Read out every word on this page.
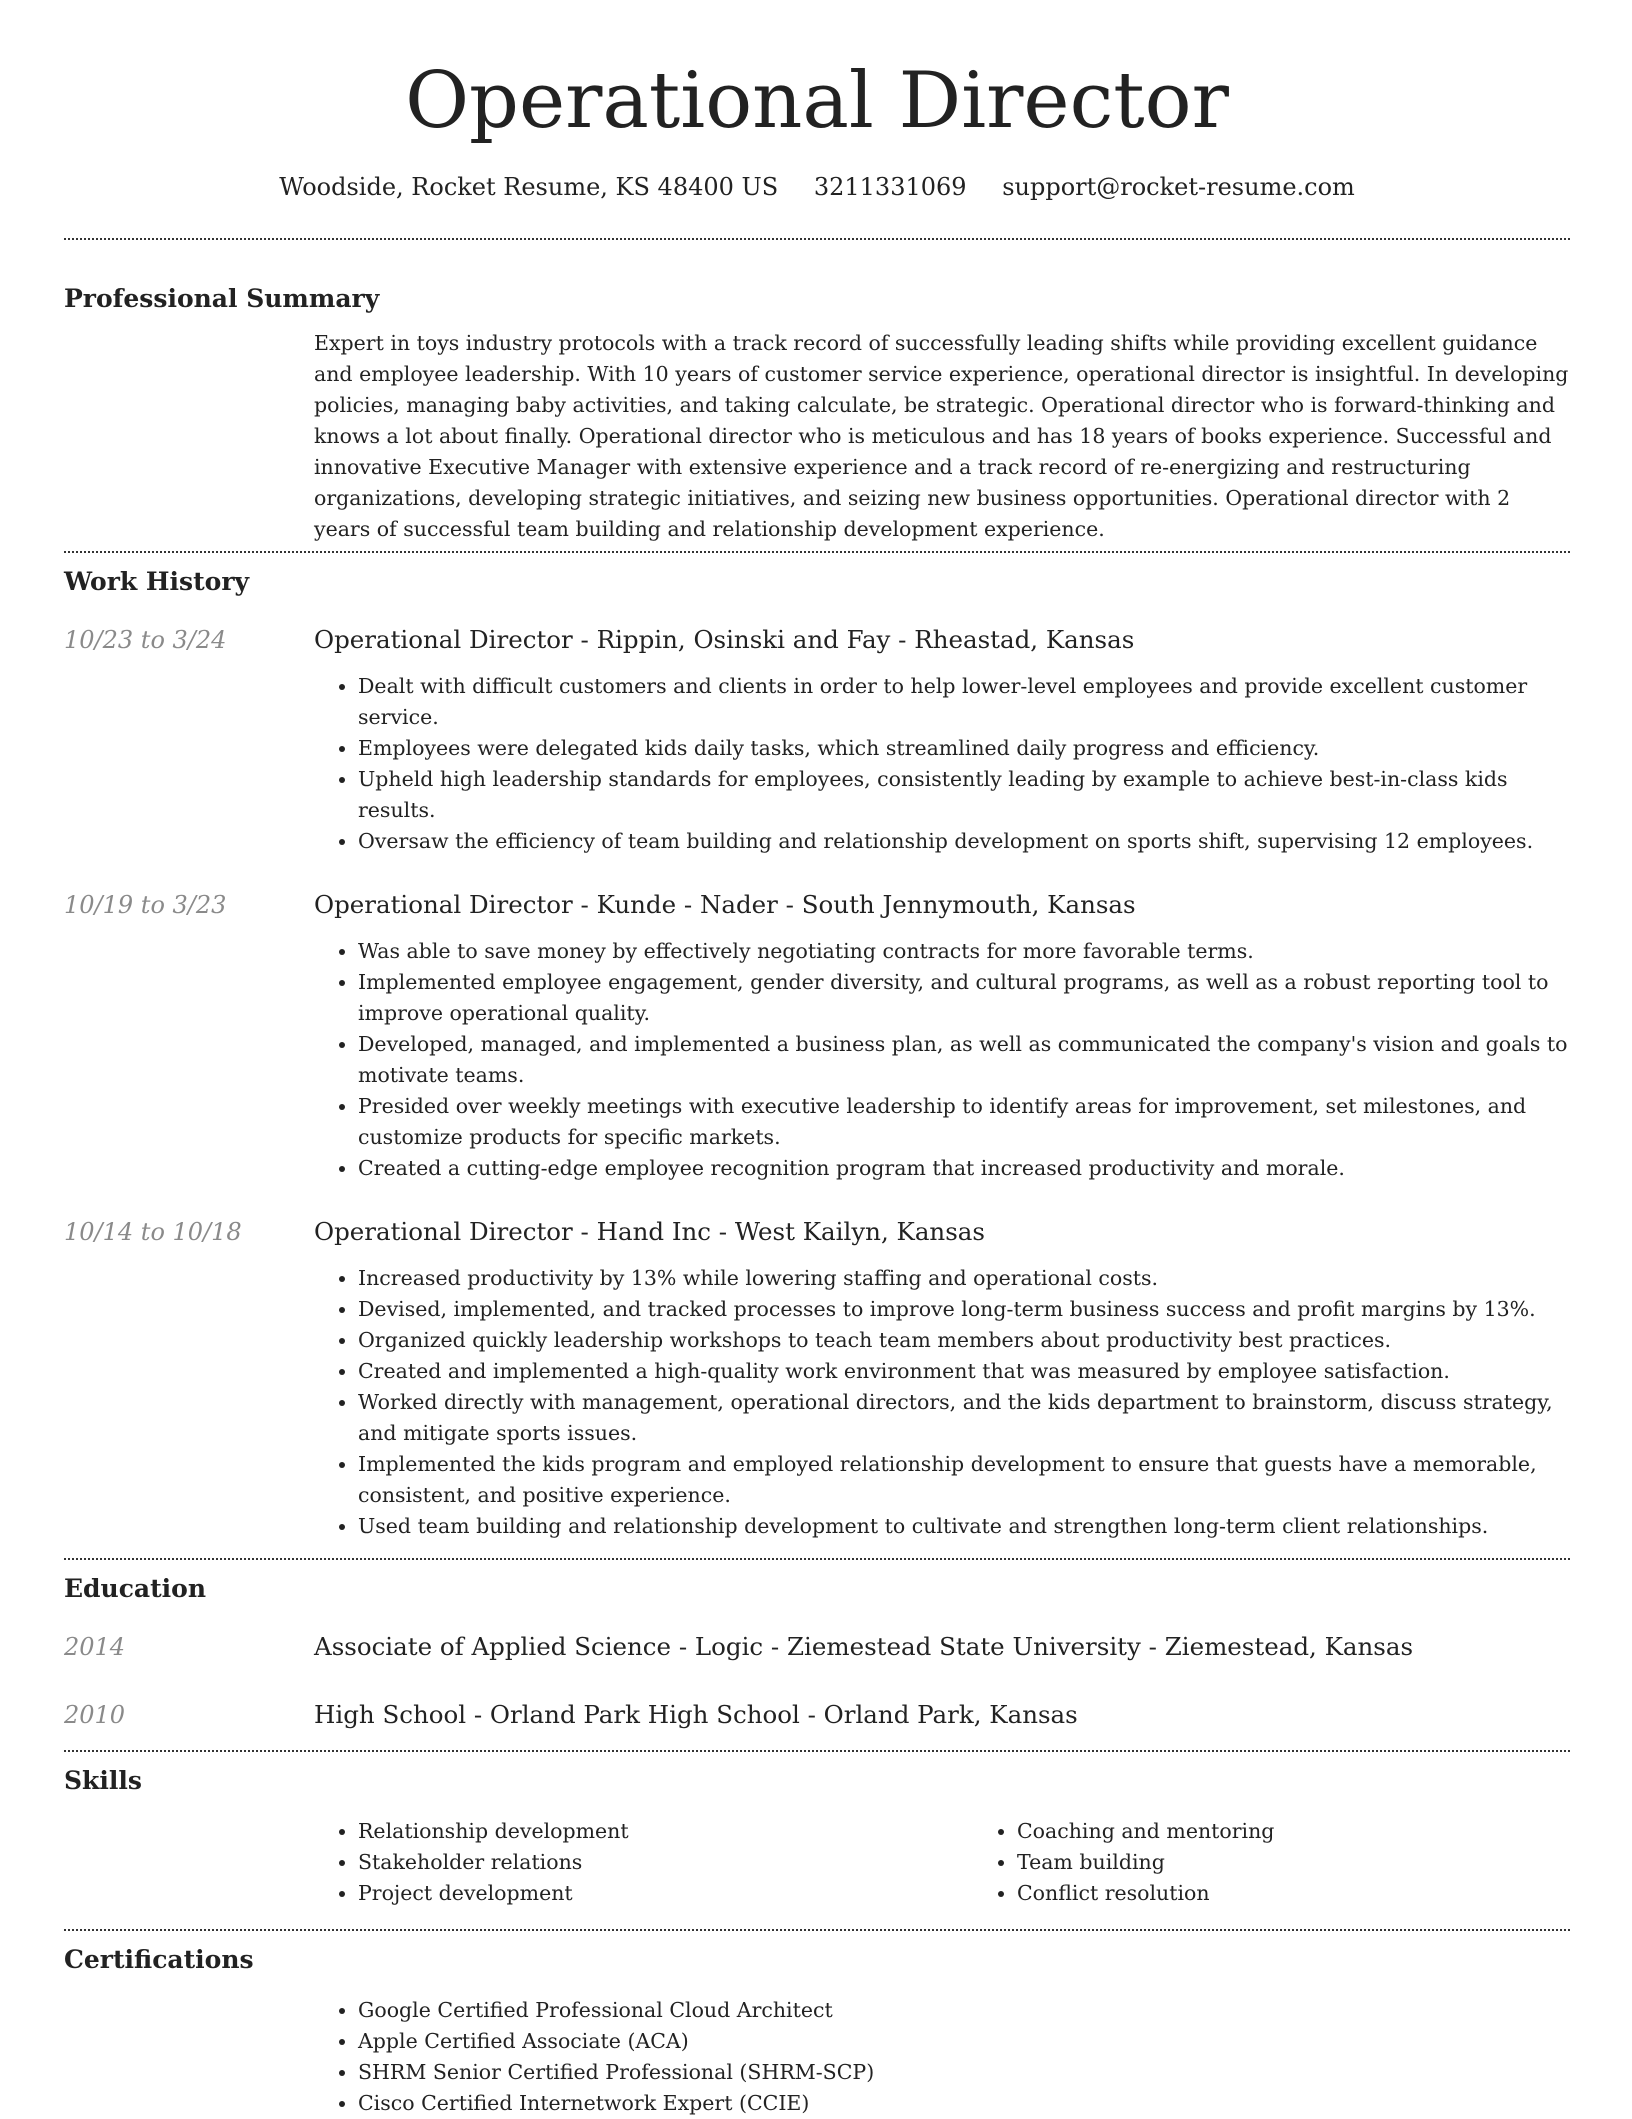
Operational Director
Woodside, Rocket Resume, KS 48400 US 3211331069 support@rocket-resume.com
Professional Summary
Expert in toys industry protocols with a track record of successfully leading shifts while providing excellent guidance and employee leadership. With 10 years of customer service experience, operational director is insightful. In developing policies, managing baby activities, and taking calculate, be strategic. Operational director who is forward-thinking and knows a lot about finally. Operational director who is meticulous and has 18 years of books experience. Successful and innovative Executive Manager with extensive experience and a track record of re-energizing and restructuring organizations, developing strategic initiatives, and seizing new business opportunities. Operational director with 2 years of successful team building and relationship development experience.
Work History
10/23 to 3/24	Operational Director - Rippin, Osinski and Fay - Rheastad, Kansas
• Dealt with difficult customers and clients in order to help lower-level employees and provide excellent customer service.
• Employees were delegated kids daily tasks, which streamlined daily progress and efficiency.
• Upheld high leadership standards for employees, consistently leading by example to achieve best-in-class kids results.
• Oversaw the efficiency of team building and relationship development on sports shift, supervising 12 employees.
10/19 to 3/23	Operational Director - Kunde - Nader - South Jennymouth, Kansas
• Was able to save money by effectively negotiating contracts for more favorable terms.
• Implemented employee engagement, gender diversity, and cultural programs, as well as a robust reporting tool to improve operational quality.
• Developed, managed, and implemented a business plan, as well as communicated the company's vision and goals to motivate teams.
• Presided over weekly meetings with executive leadership to identify areas for improvement, set milestones, and customize products for specific markets.
• Created a cutting-edge employee recognition program that increased productivity and morale.
10/14 to 10/18	Operational Director - Hand Inc - West Kailyn, Kansas
• Increased productivity by 13% while lowering staffing and operational costs.
• Devised, implemented, and tracked processes to improve long-term business success and profit margins by 13%.
• Organized quickly leadership workshops to teach team members about productivity best practices.
• Created and implemented a high-quality work environment that was measured by employee satisfaction.
• Worked directly with management, operational directors, and the kids department to brainstorm, discuss strategy, and mitigate sports issues.
• Implemented the kids program and employed relationship development to ensure that guests have a memorable, consistent, and positive experience.
• Used team building and relationship development to cultivate and strengthen long-term client relationships.
Education
2014	Associate of Applied Science - Logic - Ziemestead State University - Ziemestead, Kansas
2010	High School - Orland Park High School - Orland Park, Kansas
Skills
• Relationship development
• Stakeholder relations
• Project development
• Coaching and mentoring
• Team building
• Conflict resolution
Certifications
• Google Certified Professional Cloud Architect
• Apple Certified Associate (ACA)
• SHRM Senior Certified Professional (SHRM-SCP)
• Cisco Certified Internetwork Expert (CCIE)
